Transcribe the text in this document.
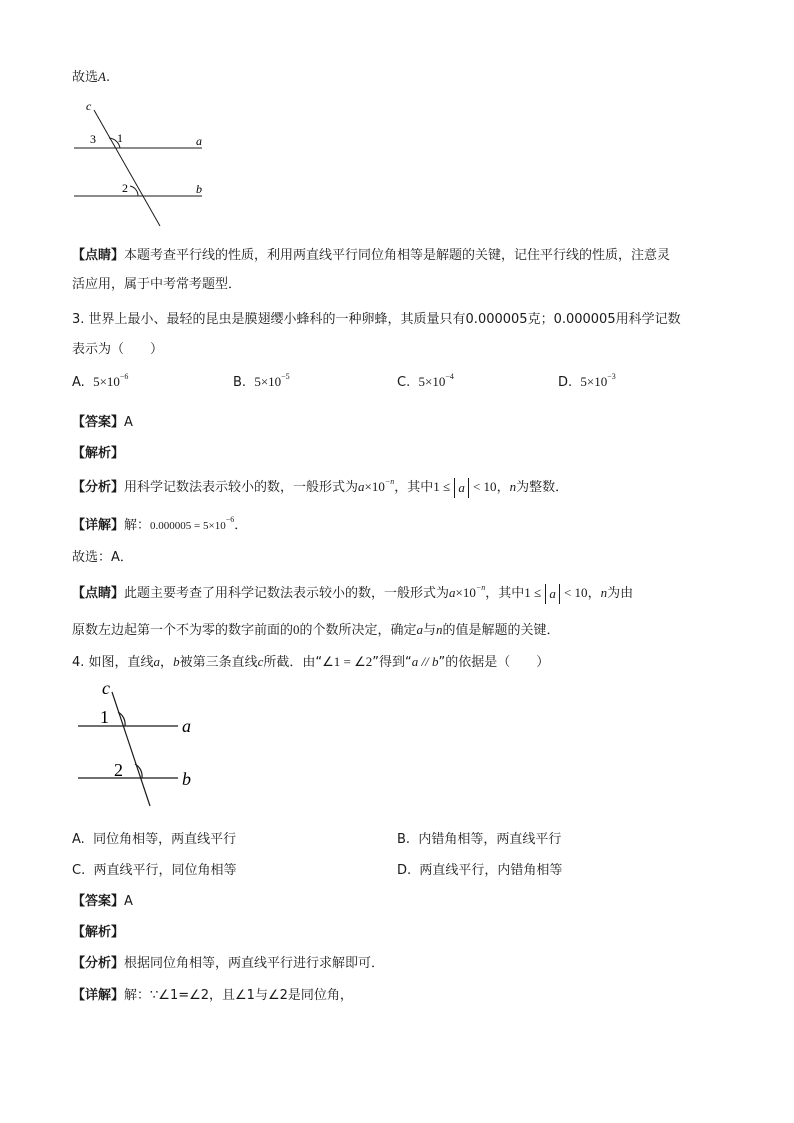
故选A.
c
a
b
3 1
2
【点睛】本题考查平行线的性质，利用两直线平行同位角相等是解题的关键，记住平行线的性质，注意灵
活应用，属于中考常考题型．
3. 世界上最小、最轻的昆虫是膜翅缨小蜂科的一种卵蜂，其质量只有0.000005克；0.000005用科学记数
表示为（　　）
A. $5\times 10^{-6}$	B. $5\times 10^{-5}$	C. $5\times 10^{-4}$	D. $5\times 10^{-3}$
【答案】A
【解析】
【分析】用科学记数法表示较小的数，一般形式为$a\times 10^{-n}$，其中1 ≤ a < 10，n为整数．
【详解】解：$0.000005 = 5\times 10^{-6}$．
故选：A．
【点睛】此题主要考查了用科学记数法表示较小的数，一般形式为$a\times 10^{-n}$，其中1 ≤ a < 10，n为由
原数左边起第一个不为零的数字前面的0的个数所决定，确定a与n的值是解题的关键．
4. 如图，直线a，b被第三条直线c所截．由“∠1 = ∠2”得到“a // b”的依据是（　　）
c
a
b
1
2
A. 同位角相等，两直线平行	B. 内错角相等，两直线平行
C. 两直线平行，同位角相等	D. 两直线平行，内错角相等
【答案】A
【解析】
【分析】根据同位角相等，两直线平行进行求解即可．
【详解】解：∵∠1=∠2，且∠1与∠2是同位角，
